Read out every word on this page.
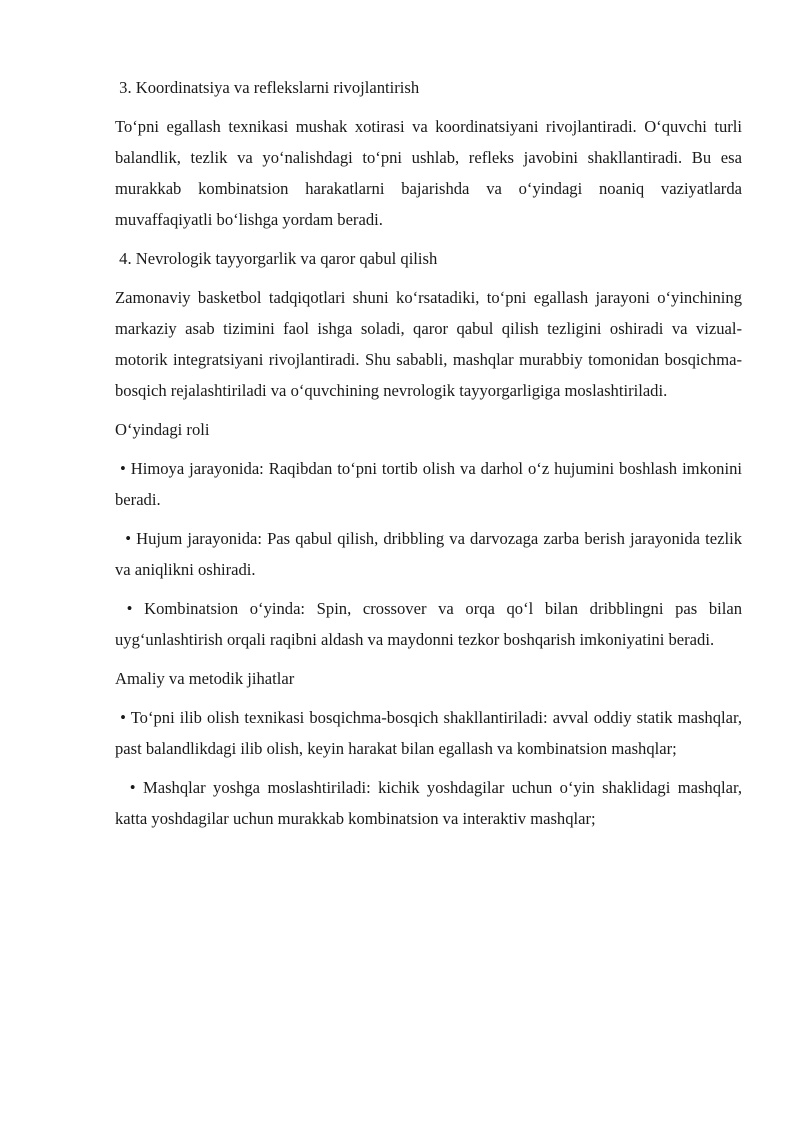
3. Koordinatsiya va reflekslarni rivojlantirish

To‘pni egallash texnikasi mushak xotirasi va koordinatsiyani rivojlantiradi. O‘quvchi turli balandlik, tezlik va yo‘nalishdagi to‘pni ushlab, refleks javobini shakllantiradi. Bu esa murakkab kombinatsion harakatlarni bajarishda va o‘yindagi noaniq vaziyatlarda muvaffaqiyatli bo‘lishga yordam beradi.

4. Nevrologik tayyorgarlik va qaror qabul qilish

Zamonaviy basketbol tadqiqotlari shuni ko‘rsatadiki, to‘pni egallash jarayoni o‘yinchining markaziy asab tizimini faol ishga soladi, qaror qabul qilish tezligini oshiradi va vizual-motorik integratsiyani rivojlantiradi. Shu sababli, mashqlar murabbiy tomonidan bosqichma-bosqich rejalashtiriladi va o‘quvchining nevrologik tayyorgarligiga moslashtiriladi.

O‘yindagi roli

• Himoya jarayonida: Raqibdan to‘pni tortib olish va darhol o‘z hujumini boshlash imkonini beradi.

• Hujum jarayonida: Pas qabul qilish, dribbling va darvozaga zarba berish jarayonida tezlik va aniqlikni oshiradi.

• Kombinatsion o‘yinda: Spin, crossover va orqa qo‘l bilan dribblingni pas bilan uyg‘unlashtirish orqali raqibni aldash va maydonni tezkor boshqarish imkoniyatini beradi.

Amaliy va metodik jihatlar

• To‘pni ilib olish texnikasi bosqichma-bosqich shakllantiriladi: avval oddiy statik mashqlar, past balandlikdagi ilib olish, keyin harakat bilan egallash va kombinatsion mashqlar;

• Mashqlar yoshga moslashtiriladi: kichik yoshdagilar uchun o‘yin shaklidagi mashqlar, katta yoshdagilar uchun murakkab kombinatsion va interaktiv mashqlar;
